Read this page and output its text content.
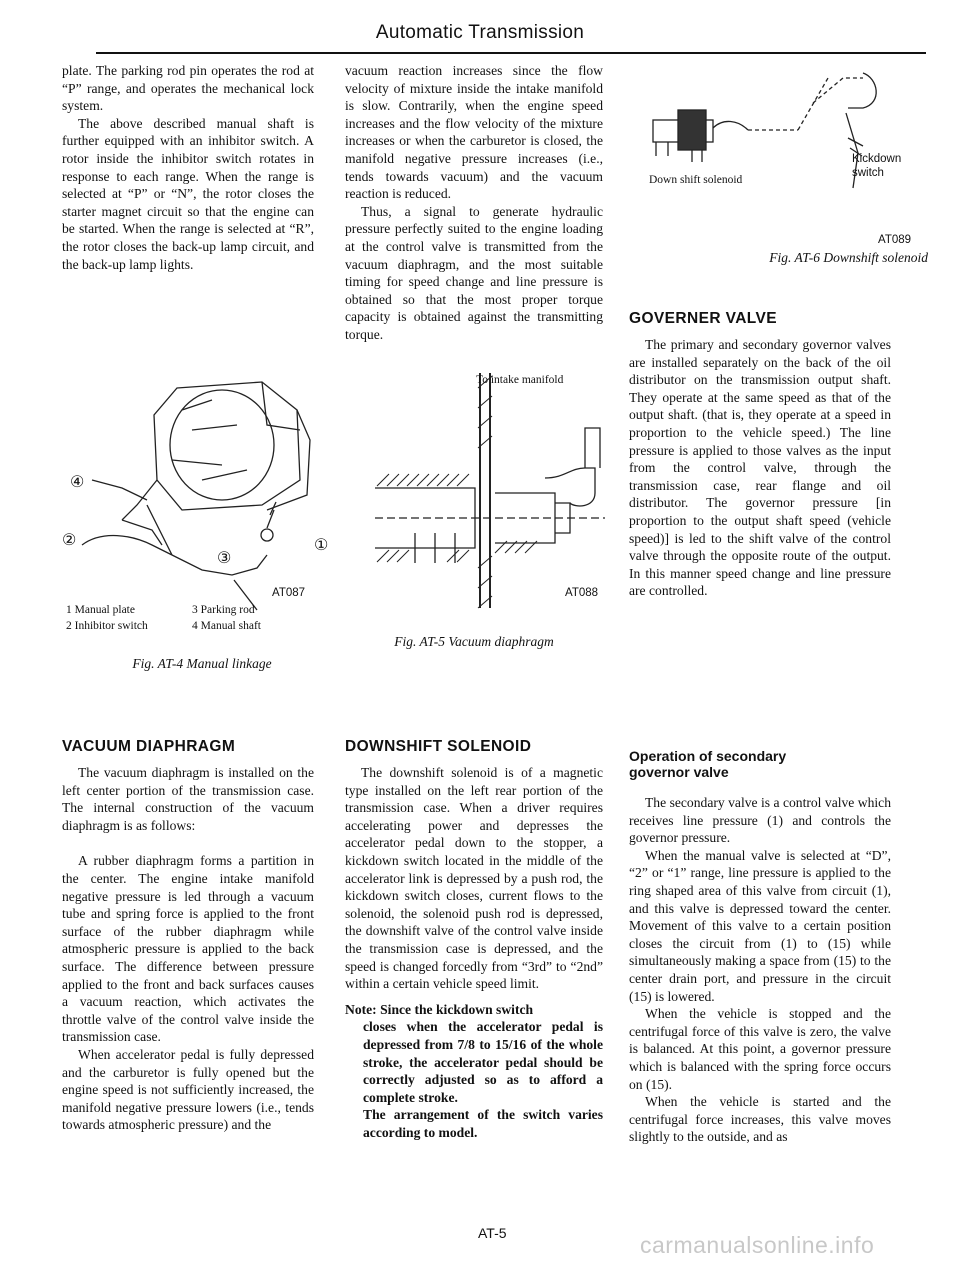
Automatic Transmission

plate. The parking rod pin operates the rod at “P” range, and operates the mechanical lock system.

The above described manual shaft is further equipped with an inhibitor switch. A rotor inside the inhibitor switch rotates in response to each range. When the range is selected at “P” or “N”, the rotor closes the starter magnet circuit so that the engine can be started. When the range is selected at “R”, the rotor closes the back-up lamp circuit, and the back-up lamp lights.

④
②
③
①
AT087
1 Manual plate
2 Inhibitor switch
3 Parking rod
4 Manual shaft
Fig. AT-4 Manual linkage
VACUUM DIAPHRAGM

The vacuum diaphragm is installed on the left center portion of the transmission case. The internal construction of the vacuum diaphragm is as follows:

A rubber diaphragm forms a partition in the center. The engine intake manifold negative pressure is led through a vacuum tube and spring force is applied to the front surface of the rubber diaphragm while atmospheric pressure is applied to the back surface. The difference between pressure applied to the front and back surfaces causes a vacuum reaction, which activates the throttle valve of the control valve inside the transmission case.

When accelerator pedal is fully depressed and the carburetor is fully opened but the engine speed is not sufficiently increased, the manifold negative pressure lowers (i.e., tends towards atmospheric pressure) and the

vacuum reaction increases since the flow velocity of mixture inside the intake manifold is slow. Contrarily, when the engine speed increases and the flow velocity of the mixture increases or when the carburetor is closed, the manifold negative pressure increases (i.e., tends towards vacuum) and the vacuum reaction is reduced.

Thus, a signal to generate hydraulic pressure perfectly suited to the engine loading at the control valve is transmitted from the vacuum diaphragm, and the most suitable timing for speed change and line pressure is obtained so that the most proper torque capacity is obtained against the transmitting torque.

To intake manifold
AT088
Fig. AT-5 Vacuum diaphragm
DOWNSHIFT SOLENOID

The downshift solenoid is of a magnetic type installed on the left rear portion of the transmission case. When a driver requires accelerating power and depresses the accelerator pedal down to the stopper, a kickdown switch located in the middle of the accelerator link is depressed by a push rod, the kickdown switch closes, current flows to the solenoid, the solenoid push rod is depressed, the downshift valve of the control valve inside the transmission case is depressed, and the speed is changed forcedly from “3rd” to “2nd” within a certain vehicle speed limit.

Note: Since the kickdown switch

closes when the accelerator pedal is depressed from 7/8 to 15/16 of the whole stroke, the accelerator pedal should be correctly adjusted so as to afford a complete stroke.

The arrangement of the switch varies according to model.

Down shift solenoid
Kickdown switch
AT089
Fig. AT-6 Downshift solenoid
GOVERNER VALVE

The primary and secondary governor valves are installed separately on the back of the oil distributor on the transmission output shaft. They operate at the same speed as that of the output shaft. (that is, they operate at a speed in proportion to the vehicle speed.) The line pressure is applied to those valves as the input from the control valve, through the transmission case, rear flange and oil distributor. The governor pressure [in proportion to the output shaft speed (vehicle speed)] is led to the shift valve of the control valve through the opposite route of the output. In this manner speed change and line pressure are controlled.

Operation of secondary governor valve

The secondary valve is a control valve which receives line pressure (1) and controls the governor pressure.

When the manual valve is selected at “D”, “2” or “1” range, line pressure is applied to the ring shaped area of this valve from circuit (1), and this valve is depressed toward the center. Movement of this valve to a certain position closes the circuit from (1) to (15) while simultaneously making a space from (15) to the center drain port, and pressure in the circuit (15) is lowered.

When the vehicle is stopped and the centrifugal force of this valve is zero, the valve is balanced. At this point, a governor pressure which is balanced with the spring force occurs on (15).

When the vehicle is started and the centrifugal force increases, this valve moves slightly to the outside, and as

AT-5	carmanualsonline.info
